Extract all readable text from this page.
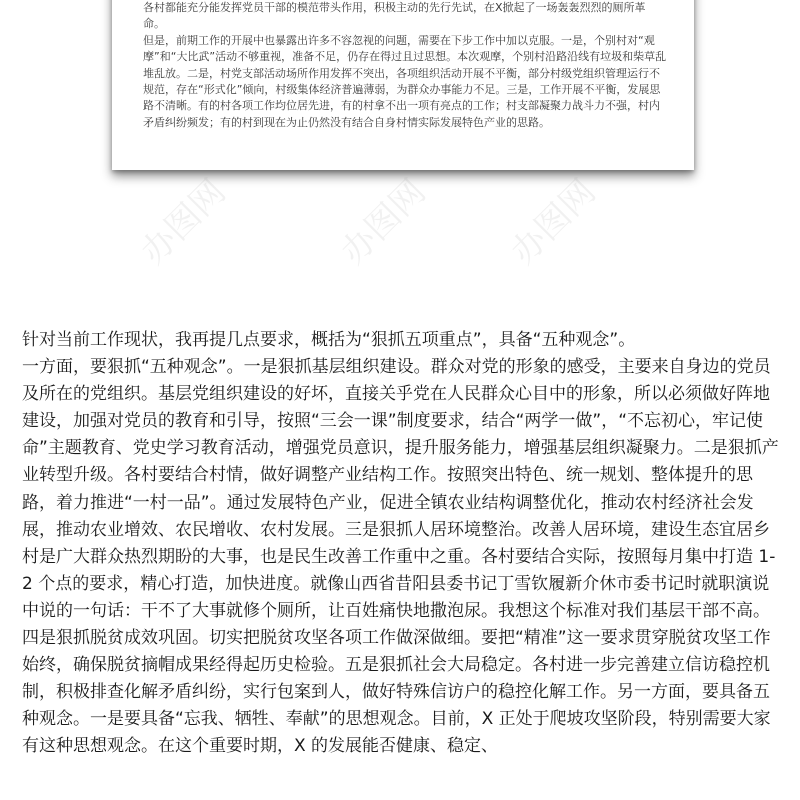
各村都能充分能发挥党员干部的模范带头作用，积极主动的先行先试，在X掀起了一场轰轰烈烈的厕所革命。
但是，前期工作的开展中也暴露出许多不容忽视的问题，需要在下步工作中加以克服。一是，个别村对“观摩”和“大比武”活动不够重视，准备不足，仍存在得过且过思想。本次观摩，个别村沿路沿线有垃圾和柴草乱堆乱放。二是，村党支部活动场所作用发挥不突出，各项组织活动开展不平衡，部分村级党组织管理运行不规范，存在“形式化”倾向，村级集体经济普遍薄弱，为群众办事能力不足。三是，工作开展不平衡，发展思路不清晰。有的村各项工作均位居先进，有的村拿不出一项有亮点的工作；村支部凝聚力战斗力不强，村内矛盾纠纷频发；有的村到现在为止仍然没有结合自身村情实际发展特色产业的思路。

办图网	办图网 办图网

针对当前工作现状，我再提几点要求，概括为“狠抓五项重点”，具备“五种观念”。
一方面，要狠抓“五种观念”。一是狠抓基层组织建设。群众对党的形象的感受，主要来自身边的党员及所在的党组织。基层党组织建设的好坏，直接关乎党在人民群众心目中的形象，所以必须做好阵地建设，加强对党员的教育和引导，按照“三会一课”制度要求，结合“两学一做”，“不忘初心，牢记使命”主题教育、党史学习教育活动，增强党员意识，提升服务能力，增强基层组织凝聚力。二是狠抓产业转型升级。各村要结合村情，做好调整产业结构工作。按照突出特色、统一规划、整体提升的思路，着力推进“一村一品”。通过发展特色产业，促进全镇农业结构调整优化，推动农村经济社会发展，推动农业增效、农民增收、农村发展。三是狠抓人居环境整治。改善人居环境，建设生态宜居乡村是广大群众热烈期盼的大事，也是民生改善工作重中之重。各村要结合实际，按照每月集中打造 1-2 个点的要求，精心打造，加快进度。就像山西省昔阳县委书记丁雪钦履新介休市委书记时就职演说中说的一句话：干不了大事就修个厕所，让百姓痛快地撒泡尿。我想这个标准对我们基层干部不高。四是狠抓脱贫成效巩固。切实把脱贫攻坚各项工作做深做细。要把“精准”这一要求贯穿脱贫攻坚工作始终，确保脱贫摘帽成果经得起历史检验。五是狠抓社会大局稳定。各村进一步完善建立信访稳控机制，积极排查化解矛盾纠纷，实行包案到人，做好特殊信访户的稳控化解工作。另一方面，要具备五种观念。一是要具备“忘我、牺牲、奉献”的思想观念。目前，X 正处于爬坡攻坚阶段，特别需要大家有这种思想观念。在这个重要时期，X 的发展能否健康、稳定、
